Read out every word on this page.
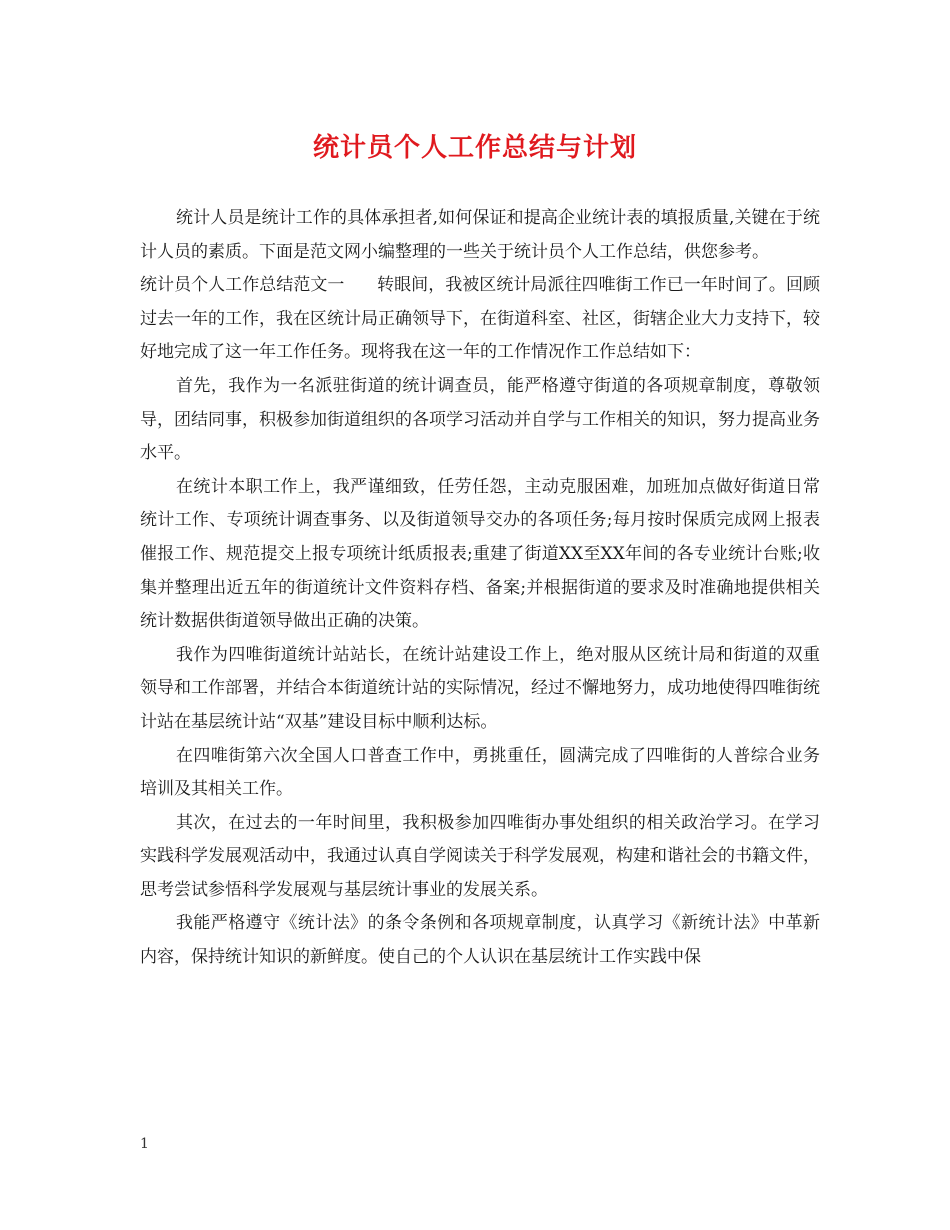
统计员个人工作总结与计划

统计人员是统计工作的具体承担者,如何保证和提高企业统计表的填报质量,关键在于统计人员的素质。下面是范文网小编整理的一些关于统计员个人工作总结，供您参考。

统计员个人工作总结范文一 转眼间，我被区统计局派往四唯街工作已一年时间了。回顾过去一年的工作，我在区统计局正确领导下，在街道科室、社区，街辖企业大力支持下，较好地完成了这一年工作任务。现将我在这一年的工作情况作工作总结如下：

首先，我作为一名派驻街道的统计调查员，能严格遵守街道的各项规章制度，尊敬领导，团结同事，积极参加街道组织的各项学习活动并自学与工作相关的知识，努力提高业务水平。

在统计本职工作上，我严谨细致，任劳任怨，主动克服困难，加班加点做好街道日常统计工作、专项统计调查事务、以及街道领导交办的各项任务;每月按时保质完成网上报表催报工作、规范提交上报专项统计纸质报表;重建了街道XX至XX年间的各专业统计台账;收集并整理出近五年的街道统计文件资料存档、备案;并根据街道的要求及时准确地提供相关统计数据供街道领导做出正确的决策。

我作为四唯街道统计站站长，在统计站建设工作上，绝对服从区统计局和街道的双重领导和工作部署，并结合本街道统计站的实际情况，经过不懈地努力，成功地使得四唯街统计站在基层统计站“双基”建设目标中顺利达标。

在四唯街第六次全国人口普查工作中，勇挑重任，圆满完成了四唯街的人普综合业务培训及其相关工作。

其次，在过去的一年时间里，我积极参加四唯街办事处组织的相关政治学习。在学习实践科学发展观活动中，我通过认真自学阅读关于科学发展观，构建和谐社会的书籍文件，思考尝试参悟科学发展观与基层统计事业的发展关系。

我能严格遵守《统计法》的条令条例和各项规章制度，认真学习《新统计法》中革新内容，保持统计知识的新鲜度。使自己的个人认识在基层统计工作实践中保

1
